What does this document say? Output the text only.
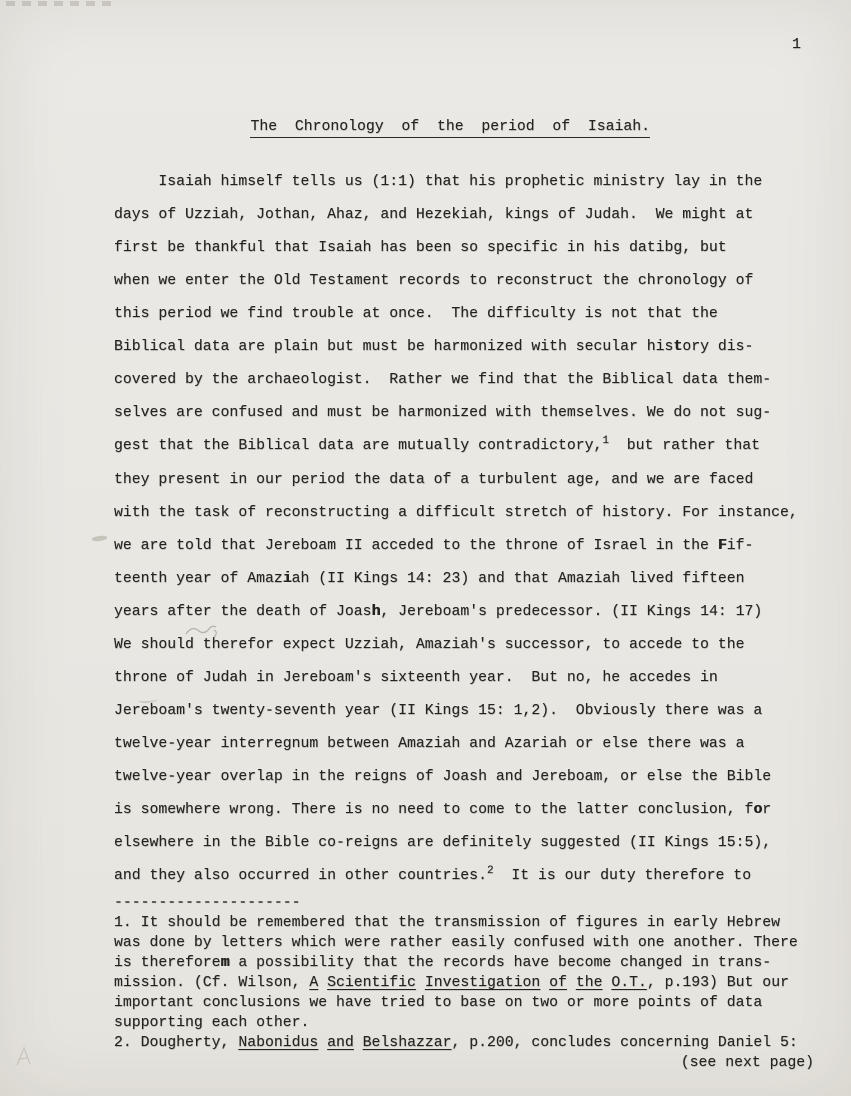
1

The  Chronology  of  the  period  of  Isaiah.

Isaiah himself tells us (1:1) that his prophetic ministry lay in the
days of Uzziah, Jothan, Ahaz, and Hezekiah, kings of Judah.  We might at
first be thankful that Isaiah has been so specific in his datibg, but
when we enter the Old Testament records to reconstruct the chronology of
this period we find trouble at once.  The difficulty is not that the
Biblical data are plain but must be harmonized with secular history dis-
covered by the archaeologist.  Rather we find that the Biblical data them-
selves are confused and must be harmonized with themselves. We do not sug-
gest that the Biblical data are mutually contradictory,$^1$  but rather that
they present in our period the data of a turbulent age, and we are faced
with the task of reconstructing a difficult stretch of history. For instance,
we are told that Jereboam II acceded to the throne of Israel in the Fif-
teenth year of Amaziah (II Kings 14: 23) and that Amaziah lived fifteen
years after the death of Joash, Jereboam's predecessor. (II Kings 14: 17)
We should therefor expect Uzziah, Amaziah's successor, to accede to the
throne of Judah in Jereboam's sixteenth year.  But no, he accedes in
Jereboam's twenty-seventh year (II Kings 15: 1,2).  Obviously there was a
twelve-year interregnum between Amaziah and Azariah or else there was a
twelve-year overlap in the reigns of Joash and Jereboam, or else the Bible
is somewhere wrong. There is no need to come to the latter conclusion, for
elsewhere in the Bible co-reigns are definitely suggested (II Kings 15:5),
and they also occurred in other countries.$^2$  It is our duty therefore to
---------------------
1. It should be remembered that the transmission of figures in early Hebrew
was done by letters which were rather easily confused with one another. There
is thereforem a possibility that the records have become changed in trans-
mission. (Cf. Wilson, A Scientific Investigation of the O.T., p.193) But our
important conclusions we have tried to base on two or more points of data
supporting each other.
2. Dougherty, Nabonidus and Belshazzar, p.200, concludes concerning Daniel 5:
(see next page)
